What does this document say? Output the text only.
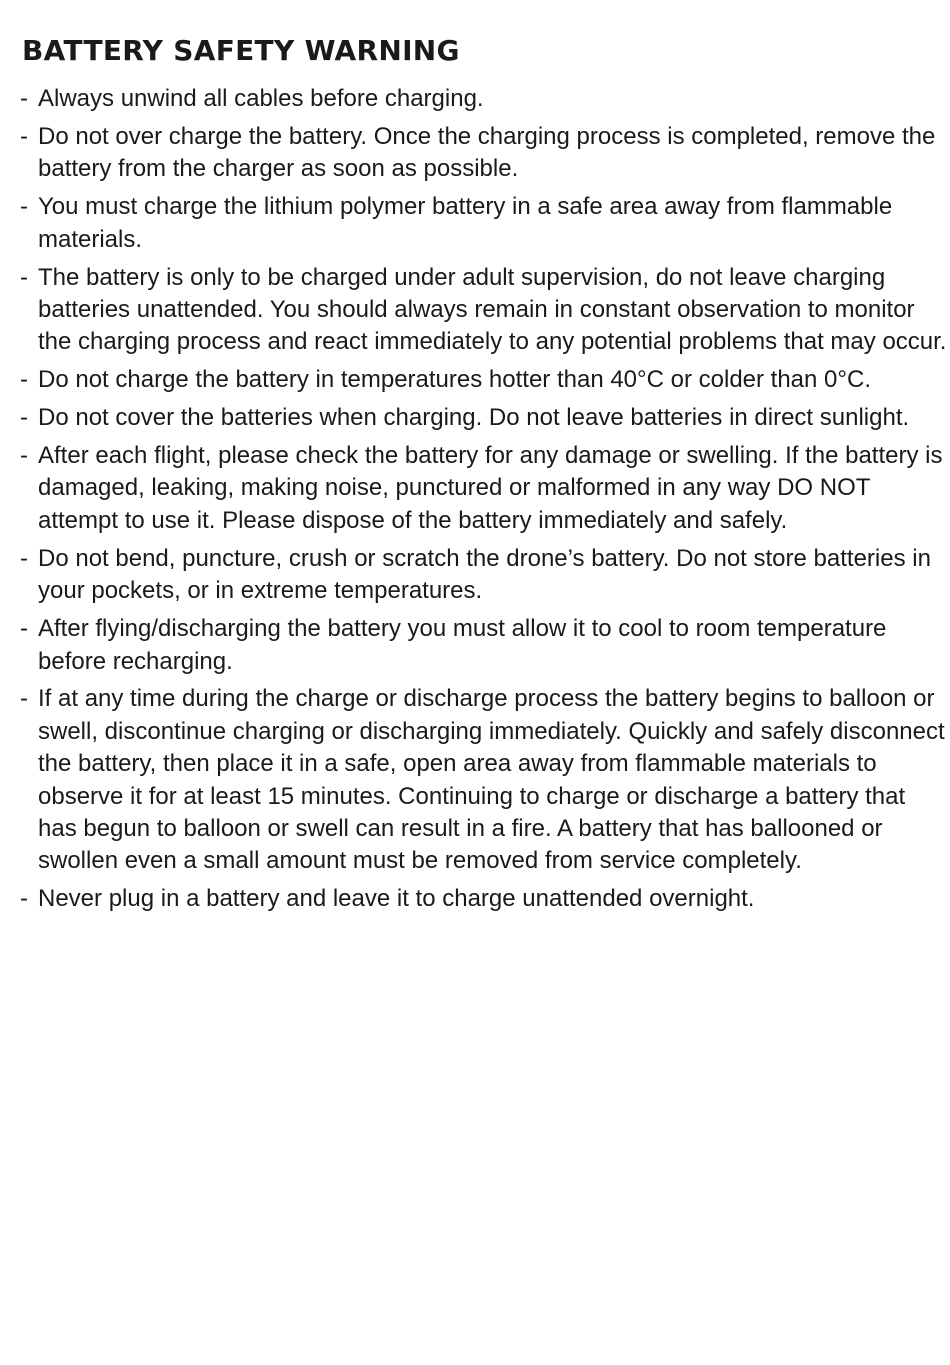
BATTERY SAFETY WARNING
- Always unwind all cables before charging.
- Do not over charge the battery. Once the charging process is completed, remove the battery from the charger as soon as possible.
- You must charge the lithium polymer battery in a safe area away from flammable materials.
- The battery is only to be charged under adult supervision, do not leave charging batteries unattended. You should always remain in constant observation to monitor the charging process and react immediately to any potential problems that may occur.
- Do not charge the battery in temperatures hotter than 40°C or colder than 0°C.
- Do not cover the batteries when charging. Do not leave batteries in direct sunlight.
- After each flight, please check the battery for any damage or swelling. If the battery is damaged, leaking, making noise, punctured or malformed in any way DO NOT attempt to use it. Please dispose of the battery immediately and safely.
- Do not bend, puncture, crush or scratch the drone’s battery. Do not store batteries in your pockets, or in extreme temperatures.
- After flying/discharging the battery you must allow it to cool to room temperature before recharging.
- If at any time during the charge or discharge process the battery begins to balloon or swell, discontinue charging or discharging immediately. Quickly and safely disconnect the battery, then place it in a safe, open area away from flammable materials to observe it for at least 15 minutes. Continuing to charge or discharge a battery that has begun to balloon or swell can result in a fire. A battery that has ballooned or swollen even a small amount must be removed from service completely.
- Never plug in a battery and leave it to charge unattended overnight.
